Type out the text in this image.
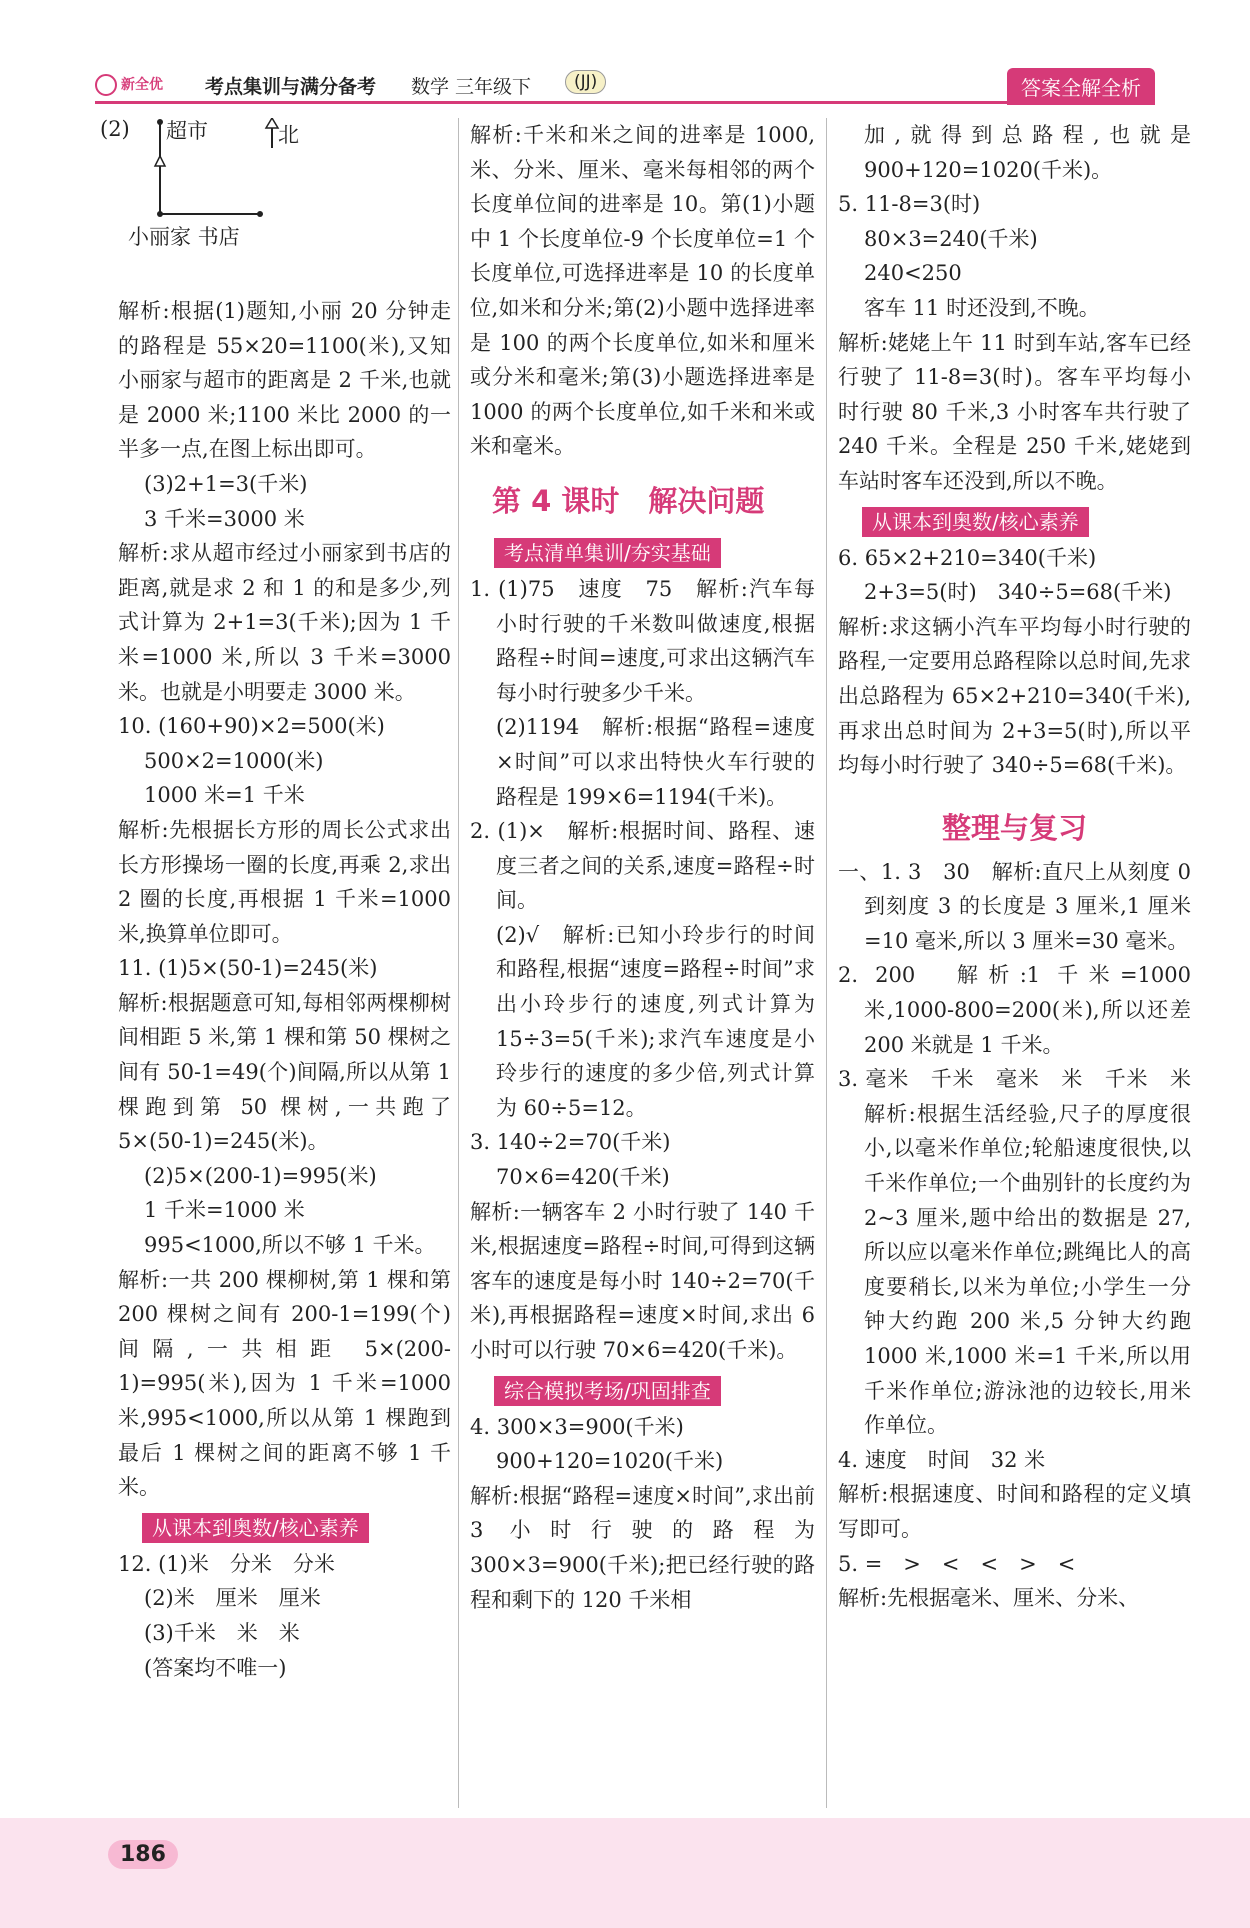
新全优 考点集训与满分备考 数学 三年级下	(JJ)	答案全解全析
(2) 超市	北
小丽家 书店

解析:根据(1)题知,小丽 20 分钟走的路程是 55×20=1100(米),又知小丽家与超市的距离是 2 千米,也就是 2000 米;1100 米比 2000 的一半多一点,在图上标出即可。

(3)2+1=3(千米)

3 千米=3000 米

解析:求从超市经过小丽家到书店的距离,就是求 2 和 1 的和是多少,列式计算为 2+1=3(千米);因为 1 千米=1000 米,所以 3 千米=3000 米。也就是小明要走 3000 米。

10. (160+90)×2=500(米)

500×2=1000(米)

1000 米=1 千米

解析:先根据长方形的周长公式求出长方形操场一圈的长度,再乘 2,求出 2 圈的长度,再根据 1 千米=1000 米,换算单位即可。

11. (1)5×(50-1)=245(米)

解析:根据题意可知,每相邻两棵柳树间相距 5 米,第 1 棵和第 50 棵树之间有 50-1=49(个)间隔,所以从第 1 棵跑到第 50 棵树,一共跑了 5×(50-1)=245(米)。

(2)5×(200-1)=995(米)

1 千米=1000 米

995<1000,所以不够 1 千米。

解析:一共 200 棵柳树,第 1 棵和第 200 棵树之间有 200-1=199(个)间隔,一共相距 5×(200-1)=995(米),因为 1 千米=1000 米,995<1000,所以从第 1 棵跑到最后 1 棵树之间的距离不够 1 千米。

从课本到奥数/核心素养

12. (1)米　分米　分米

(2)米　厘米　厘米

(3)千米　米　米

(答案均不唯一)

解析:千米和米之间的进率是 1000,米、分米、厘米、毫米每相邻的两个长度单位间的进率是 10。第(1)小题中 1 个长度单位-9 个长度单位=1 个长度单位,可选择进率是 10 的长度单位,如米和分米;第(2)小题中选择进率是 100 的两个长度单位,如米和厘米或分米和毫米;第(3)小题选择进率是 1000 的两个长度单位,如千米和米或米和毫米。

第 4 课时　解决问题
考点清单集训/夯实基础

1. (1)75　速度　75　解析:汽车每小时行驶的千米数叫做速度,根据路程÷时间=速度,可求出这辆汽车每小时行驶多少千米。

(2)1194　解析:根据“路程=速度×时间”可以求出特快火车行驶的路程是 199×6=1194(千米)。

2. (1)×　解析:根据时间、路程、速度三者之间的关系,速度=路程÷时间。

(2)√　解析:已知小玲步行的时间和路程,根据“速度=路程÷时间”求出小玲步行的速度,列式计算为 15÷3=5(千米);求汽车速度是小玲步行的速度的多少倍,列式计算为 60÷5=12。

3. 140÷2=70(千米)

70×6=420(千米)

解析:一辆客车 2 小时行驶了 140 千米,根据速度=路程÷时间,可得到这辆客车的速度是每小时 140÷2=70(千米),再根据路程=速度×时间,求出 6 小时可以行驶 70×6=420(千米)。

综合模拟考场/巩固排查

4. 300×3=900(千米)

900+120=1020(千米)

解析:根据“路程=速度×时间”,求出前 3 小时行驶的路程为 300×3=900(千米);把已经行驶的路程和剩下的 120 千米相

加,就得到总路程,也就是 900+120=1020(千米)。

5. 11-8=3(时)

80×3=240(千米)

240<250

客车 11 时还没到,不晚。

解析:姥姥上午 11 时到车站,客车已经行驶了 11-8=3(时)。客车平均每小时行驶 80 千米,3 小时客车共行驶了 240 千米。全程是 250 千米,姥姥到车站时客车还没到,所以不晚。

从课本到奥数/核心素养

6. 65×2+210=340(千米)

2+3=5(时)　340÷5=68(千米)

解析:求这辆小汽车平均每小时行驶的路程,一定要用总路程除以总时间,先求出总路程为 65×2+210=340(千米),再求出总时间为 2+3=5(时),所以平均每小时行驶了 340÷5=68(千米)。

整理与复习

一、1. 3　30　解析:直尺上从刻度 0 到刻度 3 的长度是 3 厘米,1 厘米=10 毫米,所以 3 厘米=30 毫米。

2. 200　解析:1 千米=1000 米,1000-800=200(米),所以还差 200 米就是 1 千米。

3. 毫米　千米　毫米　米　千米　米　解析:根据生活经验,尺子的厚度很小,以毫米作单位;轮船速度很快,以千米作单位;一个曲别针的长度约为 2~3 厘米,题中给出的数据是 27,所以应以毫米作单位;跳绳比人的高度要稍长,以米为单位;小学生一分钟大约跑 200 米,5 分钟大约跑 1000 米,1000 米=1 千米,所以用千米作单位;游泳池的边较长,用米作单位。

4. 速度　时间　32 米

解析:根据速度、时间和路程的定义填写即可。

5. =　>　<　<　>　<

解析:先根据毫米、厘米、分米、

186
